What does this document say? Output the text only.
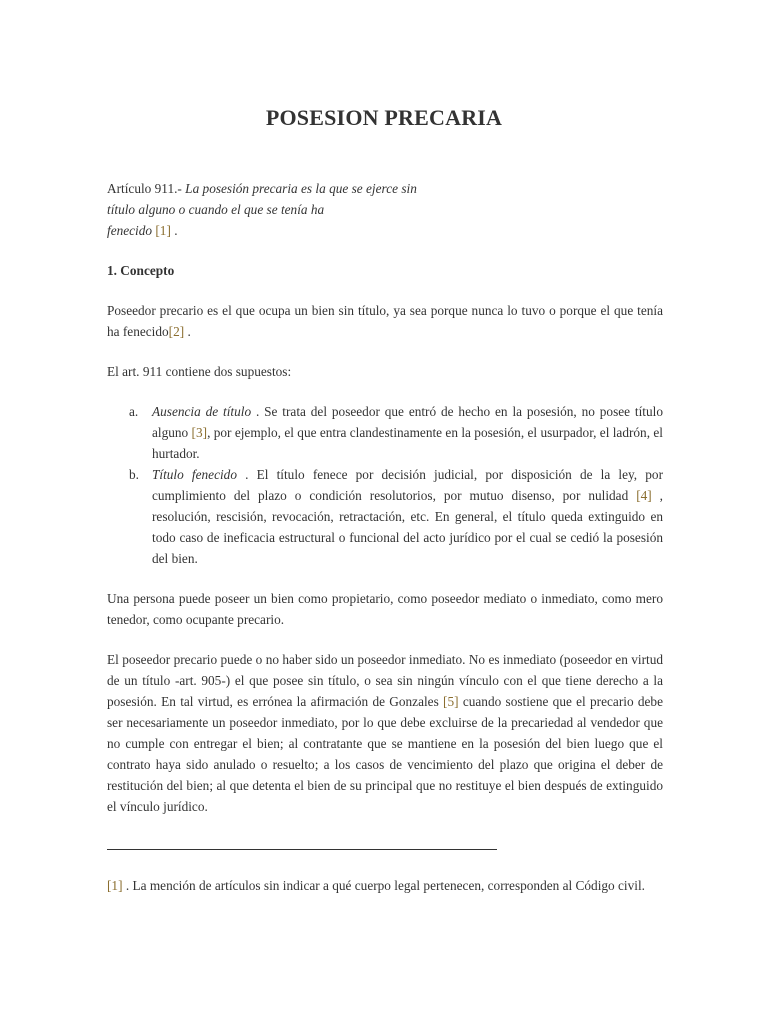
POSESION PRECARIA

Artículo 911.- La posesión precaria es la que se ejerce sin
título alguno o cuando el que se tenía ha
fenecido [1] .

1. Concepto

Poseedor precario es el que ocupa un bien sin título, ya sea porque nunca lo tuvo o porque el que tenía ha fenecido[2] .

El art. 911 contiene dos supuestos:

a. Ausencia de título . Se trata del poseedor que entró de hecho en la posesión, no posee título alguno [3], por ejemplo, el que entra clandestinamente en la posesión, el usurpador, el ladrón, el hurtador.
b. Título fenecido . El título fenece por decisión judicial, por disposición de la ley, por cumplimiento del plazo o condición resolutorios, por mutuo disenso, por nulidad [4] , resolución, rescisión, revocación, retractación, etc. En general, el título queda extinguido en todo caso de ineficacia estructural o funcional del acto jurídico por el cual se cedió la posesión del bien.

Una persona puede poseer un bien como propietario, como poseedor mediato o inmediato, como mero tenedor, como ocupante precario.

El poseedor precario puede o no haber sido un poseedor inmediato. No es inmediato (poseedor en virtud de un título -art. 905-) el que posee sin título, o sea sin ningún vínculo con el que tiene derecho a la posesión. En tal virtud, es errónea la afirmación de Gonzales [5] cuando sostiene que el precario debe ser necesariamente un poseedor inmediato, por lo que debe excluirse de la precariedad al vendedor que no cumple con entregar el bien; al contratante que se mantiene en la posesión del bien luego que el contrato haya sido anulado o resuelto; a los casos de vencimiento del plazo que origina el deber de restitución del bien; al que detenta el bien de su principal que no restituye el bien después de extinguido el vínculo jurídico.

[1] . La mención de artículos sin indicar a qué cuerpo legal pertenecen, corresponden al Código civil.
